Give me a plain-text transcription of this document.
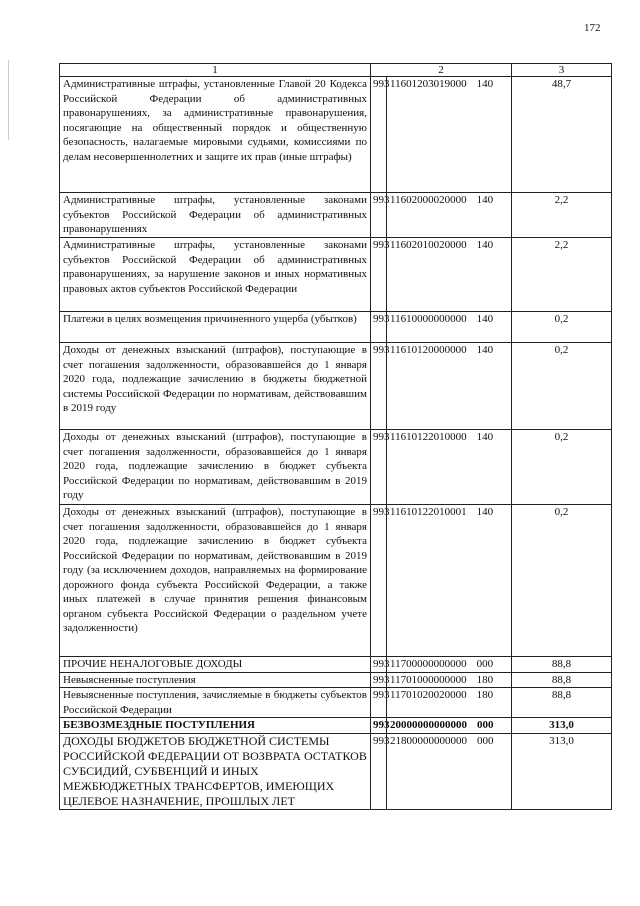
172
1	2		3
Административные штрафы, установленные Главой 20 Кодекса Российской Федерации об административных правонарушениях, за административные правонарушения, посягающие на общественный порядок и общественную безопасность, налагаемые мировыми судьями, комиссиями по делам несовершеннолетних и защите их прав (иные штрафы)	993	11601203019000 140	48,7
Административные штрафы, установленные законами субъектов Российской Федерации об административных правонарушениях	993	11602000020000 140	2,2
Административные штрафы, установленные законами субъектов Российской Федерации об административных правонарушениях, за нарушение законов и иных нормативных правовых актов субъектов Российской Федерации	993	11602010020000 140	2,2
Платежи в целях возмещения причиненного ущерба (убытков)	993	11610000000000 140	0,2
Доходы от денежных взысканий (штрафов), поступающие в счет погашения задолженности, образовавшейся до 1 января 2020 года, подлежащие зачислению в бюджеты бюджетной системы Российской Федерации по нормативам, действовавшим в 2019 году	993	11610120000000 140	0,2
Доходы от денежных взысканий (штрафов), поступающие в счет погашения задолженности, образовавшейся до 1 января 2020 года, подлежащие зачислению в бюджет субъекта Российской Федерации по нормативам, действовавшим в 2019 году	993	11610122010000 140	0,2
Доходы от денежных взысканий (штрафов), поступающие в счет погашения задолженности, образовавшейся до 1 января 2020 года, подлежащие зачислению в бюджет субъекта Российской Федерации по нормативам, действовавшим в 2019 году (за исключением доходов, направляемых на формирование дорожного фонда субъекта Российской Федерации, а также иных платежей в случае принятия решения финансовым органом субъекта Российской Федерации о раздельном учете задолженности)	993	11610122010001 140	0,2
ПРОЧИЕ НЕНАЛОГОВЫЕ ДОХОДЫ	993	11700000000000 000	88,8
Невыясненные поступления	993	11701000000000 180	88,8
Невыясненные поступления, зачисляемые в бюджеты субъектов Российской Федерации	993	11701020020000 180	88,8
БЕЗВОЗМЕЗДНЫЕ ПОСТУПЛЕНИЯ	993	20000000000000 000	313,0
ДОХОДЫ БЮДЖЕТОВ БЮДЖЕТНОЙ СИСТЕМЫ РОССИЙСКОЙ ФЕДЕРАЦИИ ОТ ВОЗВРАТА ОСТАТКОВ СУБСИДИЙ, СУБВЕНЦИЙ И ИНЫХ МЕЖБЮДЖЕТНЫХ ТРАНСФЕРТОВ, ИМЕЮЩИХ ЦЕЛЕВОЕ НАЗНАЧЕНИЕ, ПРОШЛЫХ ЛЕТ	993	21800000000000 000	313,0
